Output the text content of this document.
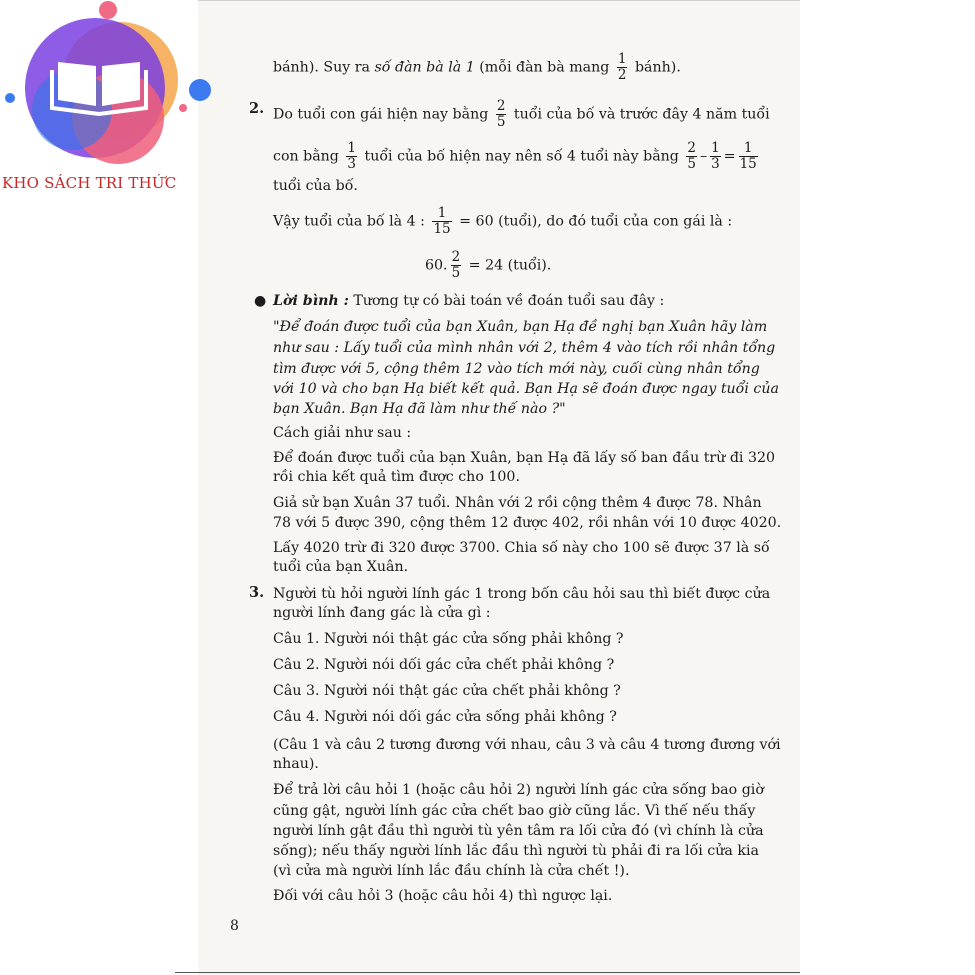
KHO SÁCH TRI THỨC
bánh). Suy ra số đàn bà là 1 (mỗi đàn bà mang $\frac{1}{2}$ bánh).
2. Do tuổi con gái hiện nay bằng $\frac{2}{5}$ tuổi của bố và trước đây 4 năm tuổi
con bằng $\frac{1}{3}$ tuổi của bố hiện nay nên số 4 tuổi này bằng $\frac{2}{5} - \frac{1}{3} = \frac{1}{15}$
tuổi của bố.
Vậy tuổi của bố là 4 : $\frac{1}{15} = 60$ (tuổi), do đó tuổi của con gái là :
60. $\frac{2}{5} = 24$ (tuổi).
● Lời bình : Tương tự có bài toán về đoán tuổi sau đây :
"Để đoán được tuổi của bạn Xuân, bạn Hạ đề nghị bạn Xuân hãy làm
như sau : Lấy tuổi của mình nhân với 2, thêm 4 vào tích rồi nhân tổng
tìm được với 5, cộng thêm 12 vào tích mới này, cuối cùng nhân tổng
với 10 và cho bạn Hạ biết kết quả. Bạn Hạ sẽ đoán được ngay tuổi của
bạn Xuân. Bạn Hạ đã làm như thế nào ?"
Cách giải như sau :
Để đoán được tuổi của bạn Xuân, bạn Hạ đã lấy số ban đầu trừ đi 320
rồi chia kết quả tìm được cho 100.
Giả sử bạn Xuân 37 tuổi. Nhân với 2 rồi cộng thêm 4 được 78. Nhân
78 với 5 được 390, cộng thêm 12 được 402, rồi nhân với 10 được 4020.
Lấy 4020 trừ đi 320 được 3700. Chia số này cho 100 sẽ được 37 là số
tuổi của bạn Xuân.
3. Người tù hỏi người lính gác 1 trong bốn câu hỏi sau thì biết được cửa
người lính đang gác là cửa gì :
Câu 1. Người nói thật gác cửa sống phải không ?
Câu 2. Người nói dối gác cửa chết phải không ?
Câu 3. Người nói thật gác cửa chết phải không ?
Câu 4. Người nói dối gác cửa sống phải không ?
(Câu 1 và câu 2 tương đương với nhau, câu 3 và câu 4 tương đương với
nhau).
Để trả lời câu hỏi 1 (hoặc câu hỏi 2) người lính gác cửa sống bao giờ
cũng gật, người lính gác cửa chết bao giờ cũng lắc. Vì thế nếu thấy
người lính gật đầu thì người tù yên tâm ra lối cửa đó (vì chính là cửa
sống); nếu thấy người lính lắc đầu thì người tù phải đi ra lối cửa kia
(vì cửa mà người lính lắc đầu chính là cửa chết !).
Đối với câu hỏi 3 (hoặc câu hỏi 4) thì ngược lại.
8
